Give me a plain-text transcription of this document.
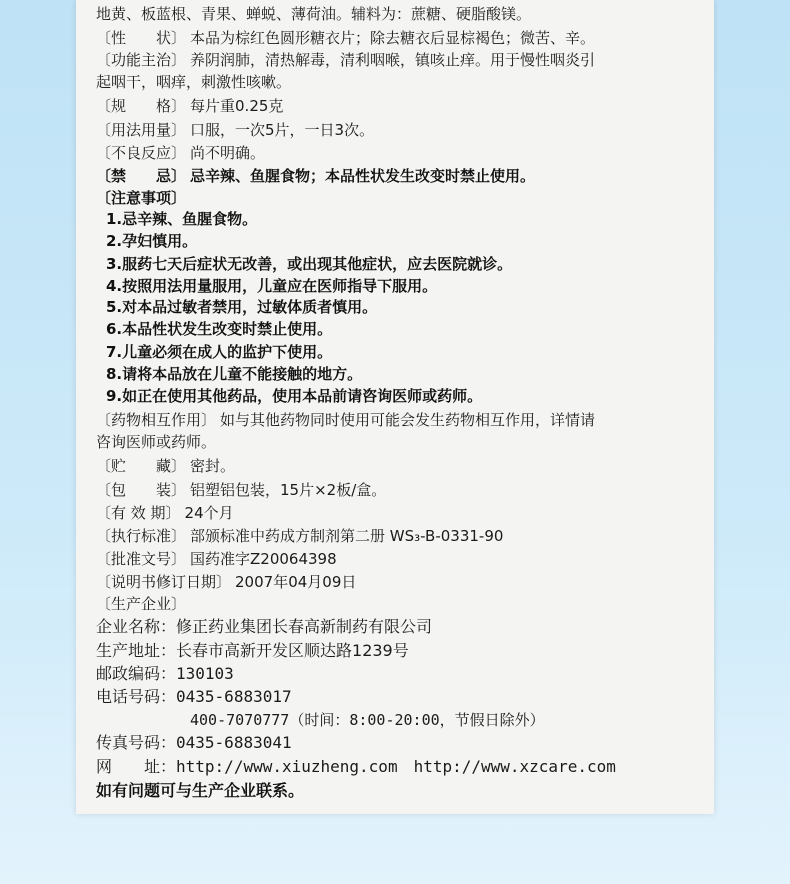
地黄、板蓝根、青果、蝉蜕、薄荷油。辅料为：蔗糖、硬脂酸镁。
〔性　　状〕 本品为棕红色圆形糖衣片；除去糖衣后显棕褐色；微苦、辛。
〔功能主治〕 养阴润肺，清热解毒，清利咽喉，镇咳止痒。用于慢性咽炎引
起咽干，咽痒，刺激性咳嗽。
〔规　　格〕 每片重0.25克
〔用法用量〕 口服，一次5片，一日3次。
〔不良反应〕 尚不明确。
〔禁　　忌〕 忌辛辣、鱼腥食物；本品性状发生改变时禁止使用。
〔注意事项〕
1.忌辛辣、鱼腥食物。
2.孕妇慎用。
3.服药七天后症状无改善，或出现其他症状，应去医院就诊。
4.按照用法用量服用，儿童应在医师指导下服用。
5.对本品过敏者禁用，过敏体质者慎用。
6.本品性状发生改变时禁止使用。
7.儿童必须在成人的监护下使用。
8.请将本品放在儿童不能接触的地方。
9.如正在使用其他药品，使用本品前请咨询医师或药师。
〔药物相互作用〕 如与其他药物同时使用可能会发生药物相互作用，详情请
咨询医师或药师。
〔贮　　藏〕 密封。
〔包　　装〕 铝塑铝包装，15片×2板/盒。
〔有 效 期〕 24个月
〔执行标准〕 部颁标准中药成方制剂第二册 WS₃-B-0331-90
〔批准文号〕 国药准字Z20064398
〔说明书修订日期〕 2007年04月09日
〔生产企业〕
企业名称：修正药业集团长春高新制药有限公司
生产地址：长春市高新开发区顺达路1239号
邮政编码：130103
电话号码：0435-6883017
400-7070777（时间：8:00-20:00，节假日除外）
传真号码：0435-6883041
网　　址：http://www.xiuzheng.com　http://www.xzcare.com
如有问题可与生产企业联系。
